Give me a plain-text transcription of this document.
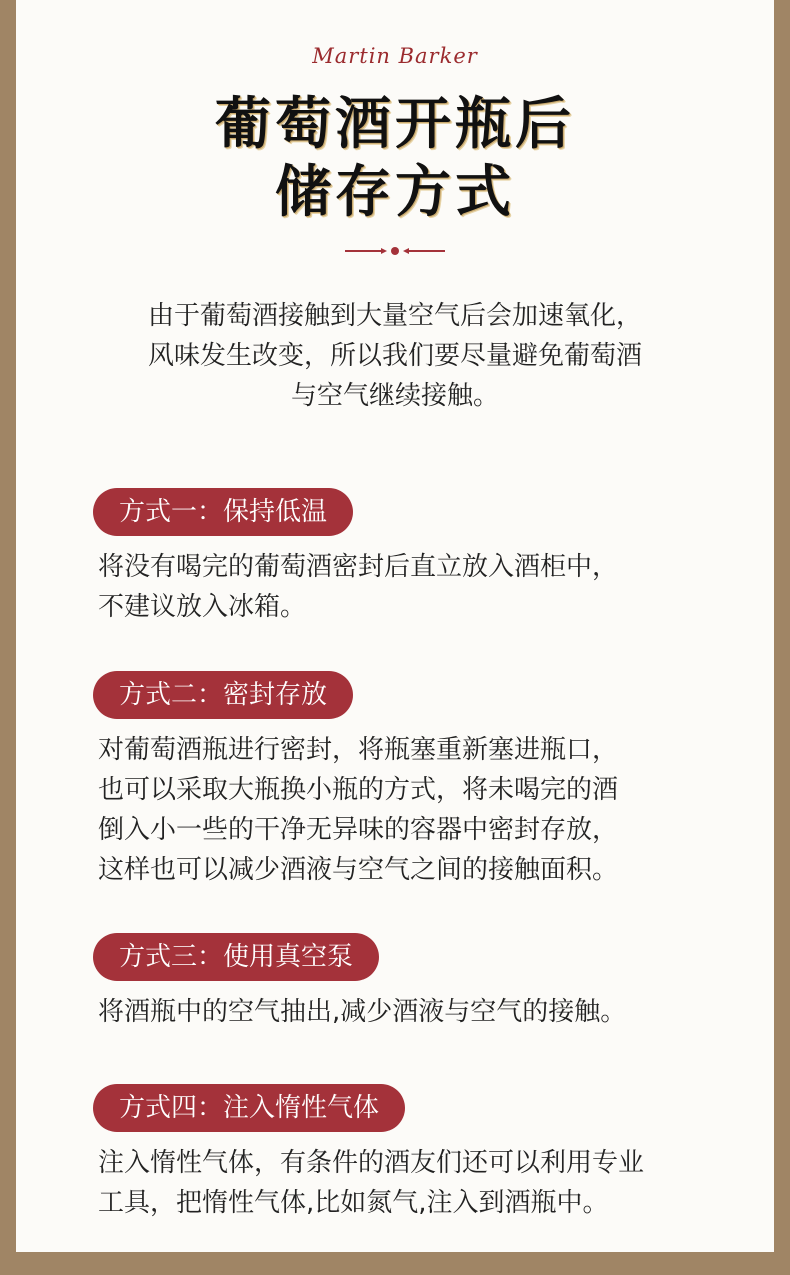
Martin Barker
葡萄酒开瓶后
储存方式
由于葡萄酒接触到大量空气后会加速氧化，
风味发生改变，所以我们要尽量避免葡萄酒
与空气继续接触。
方式一：保持低温
将没有喝完的葡萄酒密封后直立放入酒柜中，
不建议放入冰箱。
方式二：密封存放
对葡萄酒瓶进行密封，将瓶塞重新塞进瓶口，
也可以采取大瓶换小瓶的方式，将未喝完的酒
倒入小一些的干净无异味的容器中密封存放，
这样也可以减少酒液与空气之间的接触面积。
方式三：使用真空泵
将酒瓶中的空气抽出,减少酒液与空气的接触。
方式四：注入惰性气体
注入惰性气体，有条件的酒友们还可以利用专业
工具，把惰性气体,比如氮气,注入到酒瓶中。
